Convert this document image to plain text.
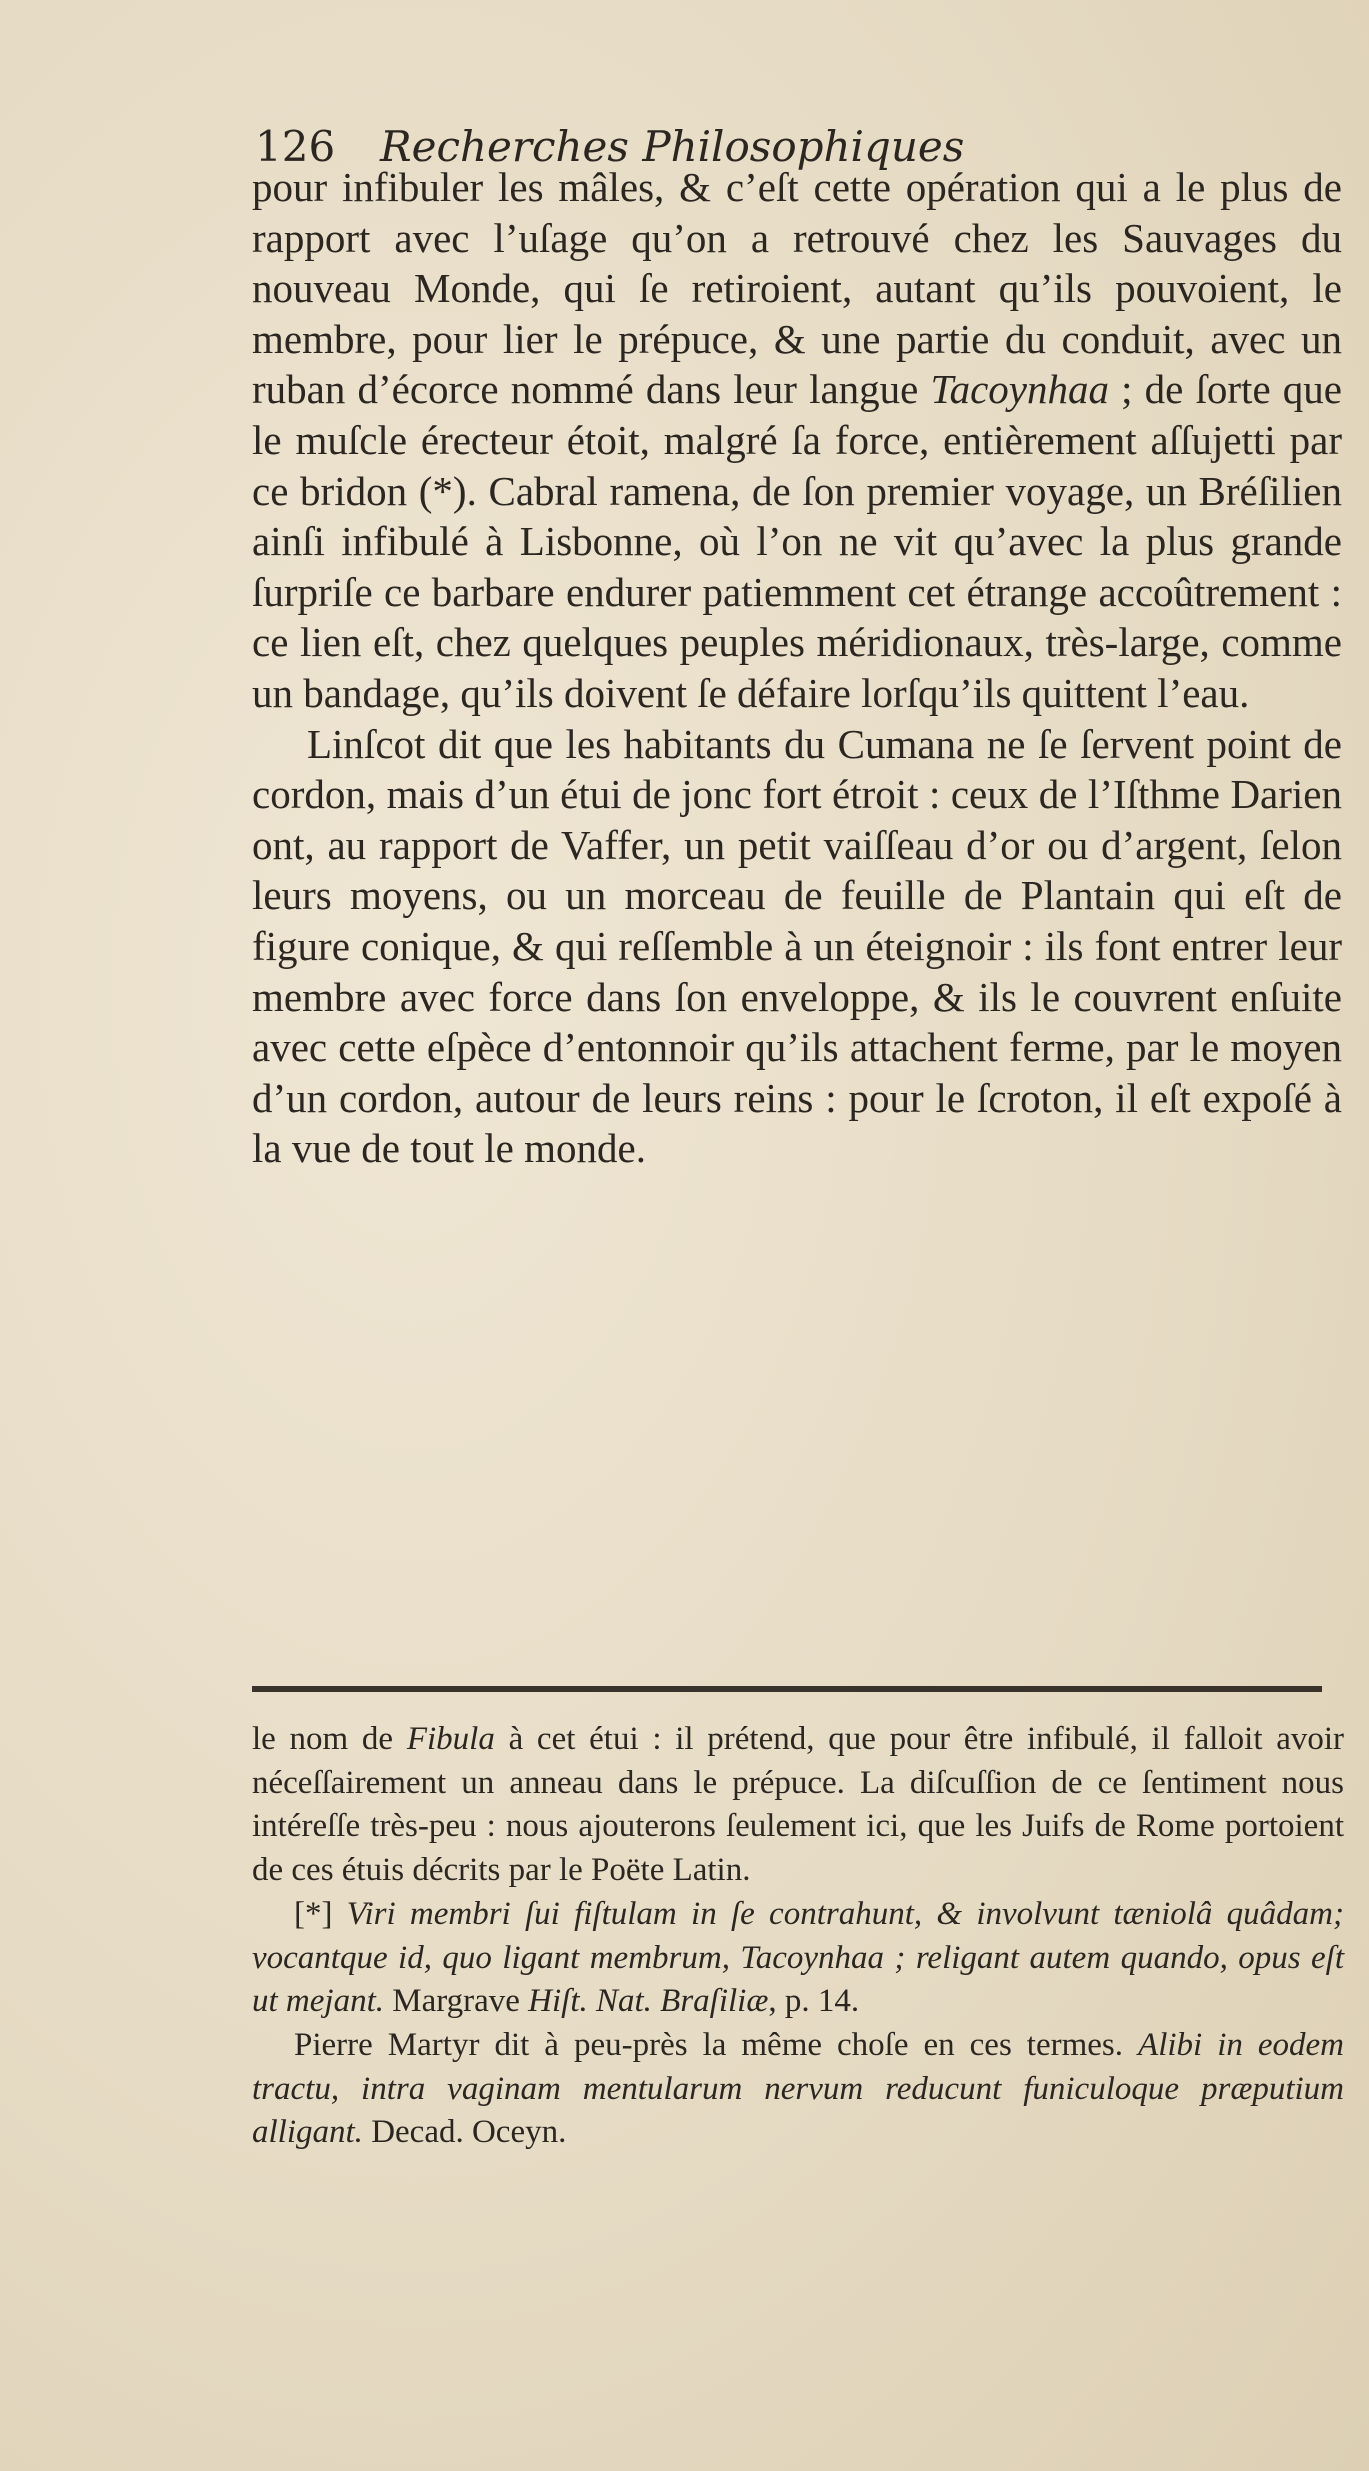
126 Recherches Philosophiques

pour infibuler les mâles, & c’eſt cette opération qui a le plus de rapport avec l’uſage qu’on a retrouvé chez les Sauvages du nouveau Monde, qui ſe retiroient, autant qu’ils pouvoient, le membre, pour lier le prépuce, & une partie du conduit, avec un ruban d’écorce nommé dans leur langue Tacoynhaa ; de ſorte que le muſcle érecteur étoit, malgré ſa force, entièrement aſſujetti par ce bridon (*). Cabral ramena, de ſon premier voyage, un Bréſilien ainſi infibulé à Lisbonne, où l’on ne vit qu’avec la plus grande ſurpriſe ce barbare endurer patiemment cet étrange accoûtrement : ce lien eſt, chez quelques peuples méridionaux, très-large, comme un bandage, qu’ils doivent ſe défaire lorſqu’ils quittent l’eau.

Linſcot dit que les habitants du Cumana ne ſe ſervent point de cordon, mais d’un étui de jonc fort étroit : ceux de l’Iſthme Darien ont, au rapport de Vaffer, un petit vaiſſeau d’or ou d’argent, ſelon leurs moyens, ou un morceau de feuille de Plantain qui eſt de figure conique, & qui reſſemble à un éteignoir : ils font entrer leur membre avec force dans ſon enveloppe, & ils le couvrent enſuite avec cette eſpèce d’entonnoir qu’ils attachent ferme, par le moyen d’un cordon, autour de leurs reins : pour le ſcroton, il eſt expoſé à la vue de tout le monde.

le nom de Fibula à cet étui : il prétend, que pour être infibulé, il falloit avoir néceſſairement un anneau dans le prépuce. La diſcuſſion de ce ſentiment nous intéreſſe très-peu : nous ajouterons ſeulement ici, que les Juifs de Rome portoient de ces étuis décrits par le Poëte Latin.

[*] Viri membri ſui fiſtulam in ſe contrahunt, & involvunt tæniolâ quâdam; vocantque id, quo ligant membrum, Tacoynhaa ; religant autem quando, opus eſt ut mejant. Margrave Hiſt. Nat. Braſiliæ, p. 14.

Pierre Martyr dit à peu-près la même choſe en ces termes. Alibi in eodem tractu, intra vaginam mentularum nervum reducunt funiculoque præputium alligant. Decad. Oceyn.
